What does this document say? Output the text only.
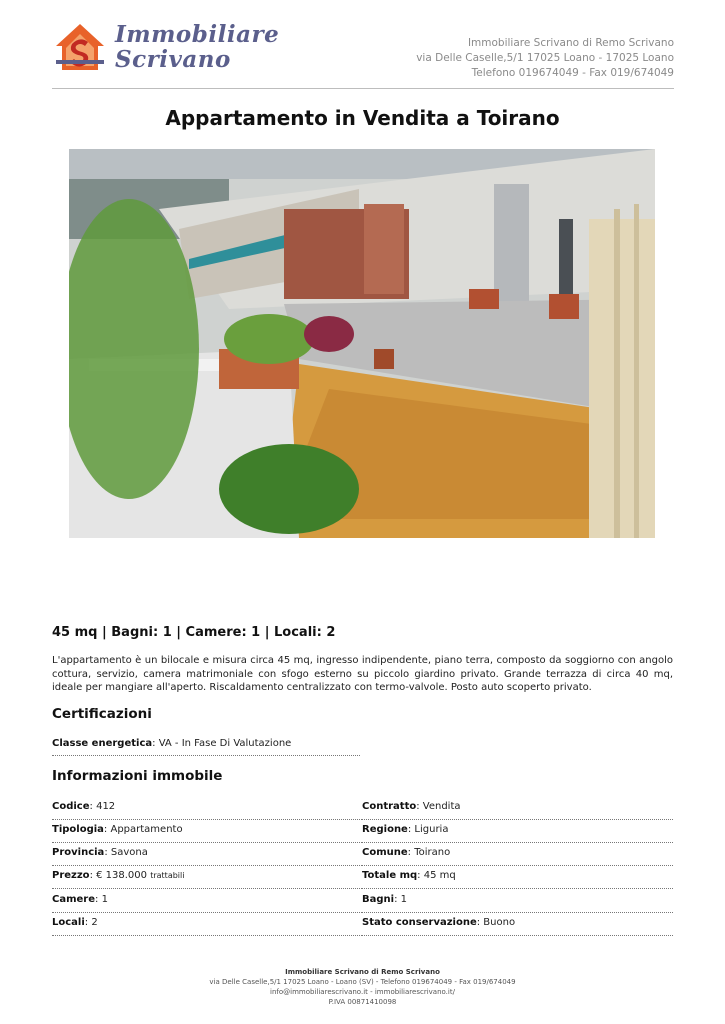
Immobiliare
Scrivano
Immobiliare Scrivano di Remo Scrivano
via Delle Caselle,5/1 17025 Loano - 17025 Loano
Telefono 019674049 - Fax 019/674049
Appartamento in Vendita a Toirano
45 mq | Bagni: 1 | Camere: 1 | Locali: 2

L'appartamento è un bilocale e misura circa 45 mq, ingresso indipendente, piano terra, composto da soggiorno con angolo cottura, servizio, camera matrimoniale con sfogo esterno su piccolo giardino privato. Grande terrazza di circa 40 mq, ideale per mangiare all'aperto. Riscaldamento centralizzato con termo-valvole. Posto auto scoperto privato.

Certificazioni
Classe energetica: VA - In Fase Di Valutazione
Informazioni immobile
Codice: 412
Tipologia: Appartamento
Provincia: Savona
Prezzo: € 138.000 trattabili
Camere: 1
Locali: 2
Contratto: Vendita
Regione: Liguria
Comune: Toirano
Totale mq: 45 mq
Bagni: 1
Stato conservazione: Buono
Immobiliare Scrivano di Remo Scrivano
via Delle Caselle,5/1 17025 Loano - Loano (SV) - Telefono 019674049 - Fax 019/674049
info@immobiliarescrivano.it - immobiliarescrivano.it/
P.IVA 00871410098
